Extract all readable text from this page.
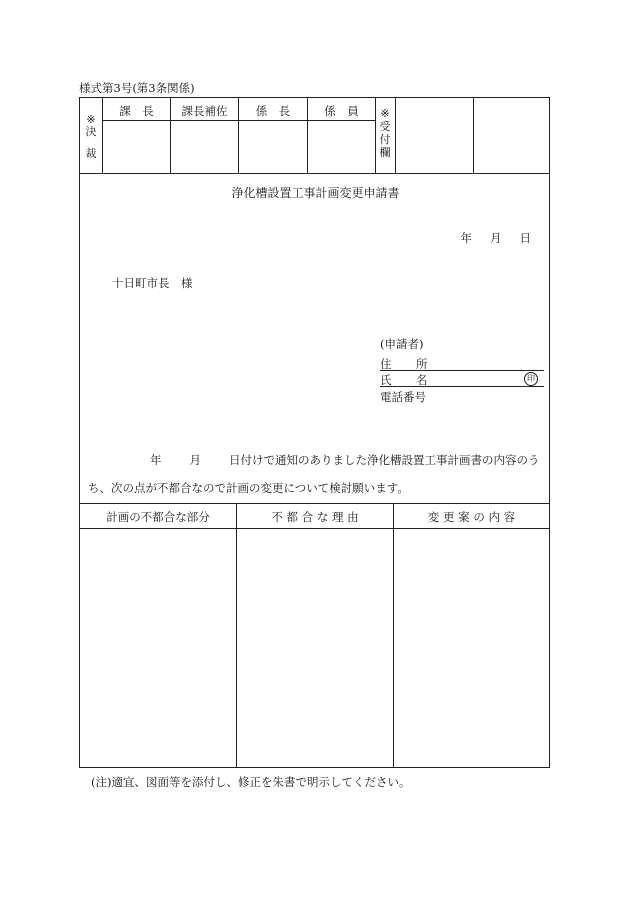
様式第3号(第3条関係)
※
決
裁
課　長	課長補佐	係　長	係　員	※
受
付
欄
浄化槽設置工事計画変更申請書
年 月 日
十日町市長　様
(申請者)
住 所
氏 名	印
電話番号
年 月 日付けで通知のありました浄化槽設置工事計画書の内容のう
ち、次の点が不都合なので計画の変更について検討願います。
計画の不都合な部分	不 都 合 な 理 由	変 更 案 の 内 容
(注)適宜、図面等を添付し、修正を朱書で明示してください。
